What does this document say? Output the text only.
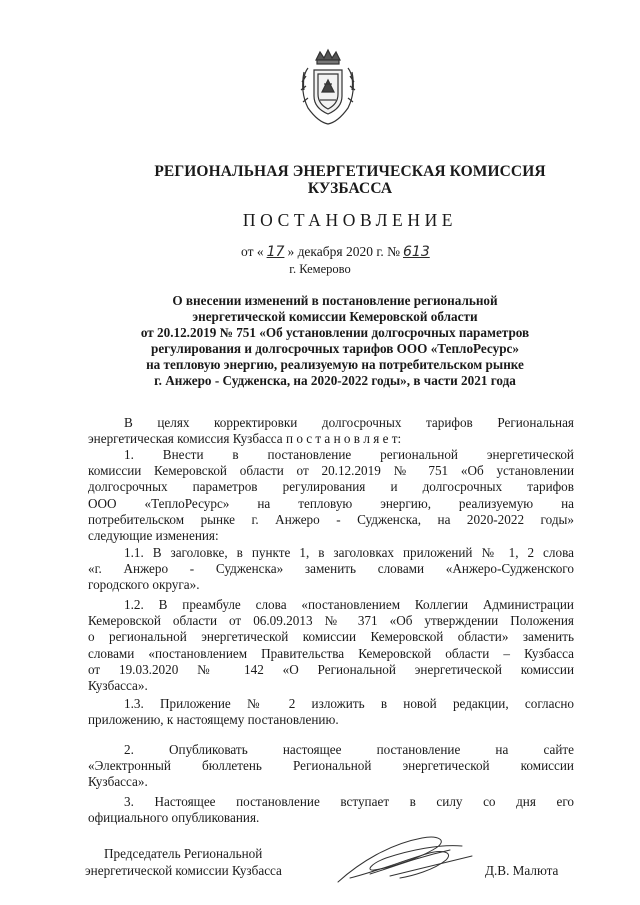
РЕГИОНАЛЬНАЯ ЭНЕРГЕТИЧЕСКАЯ КОМИССИЯ
КУЗБАССА
ПОСТАНОВЛЕНИЕ
от « 17 » декабря 2020 г. № 613
г. Кемерово
О внесении изменений в постановление региональной
энергетической комиссии Кемеровской области
от 20.12.2019 № 751 «Об установлении долгосрочных параметров
регулирования и долгосрочных тарифов ООО «ТеплоРесурс»
на тепловую энергию, реализуемую на потребительском рынке
г. Анжеро - Судженска, на 2020-2022 годы», в части 2021 года
В целях корректировки долгосрочных тарифов Региональная
энергетическая комиссия Кузбасса п о с т а н о в л я е т:
1. Внести в постановление региональной энергетической
комиссии Кемеровской области от 20.12.2019 № 751 «Об установлении
долгосрочных параметров регулирования и долгосрочных тарифов
ООО «ТеплоРесурс» на тепловую энергию, реализуемую на
потребительском рынке г. Анжеро - Судженска, на 2020-2022 годы»
следующие изменения:
1.1. В заголовке, в пункте 1, в заголовках приложений № 1, 2 слова
«г. Анжеро - Судженска» заменить словами «Анжеро-Судженского
городского округа».
1.2. В преамбуле слова «постановлением Коллегии Администрации
Кемеровской области от 06.09.2013 № 371 «Об утверждении Положения
о региональной энергетической комиссии Кемеровской области» заменить
словами «постановлением Правительства Кемеровской области – Кузбасса
от 19.03.2020 № 142 «О Региональной энергетической комиссии
Кузбасса».
1.3. Приложение № 2 изложить в новой редакции, согласно
приложению, к настоящему постановлению.
2. Опубликовать настоящее постановление на сайте
«Электронный бюллетень Региональной энергетической комиссии
Кузбасса».
3. Настоящее постановление вступает в силу со дня его
официального опубликования.
Председатель Региональной
энергетической комиссии Кузбасса	Д.В. Малюта
